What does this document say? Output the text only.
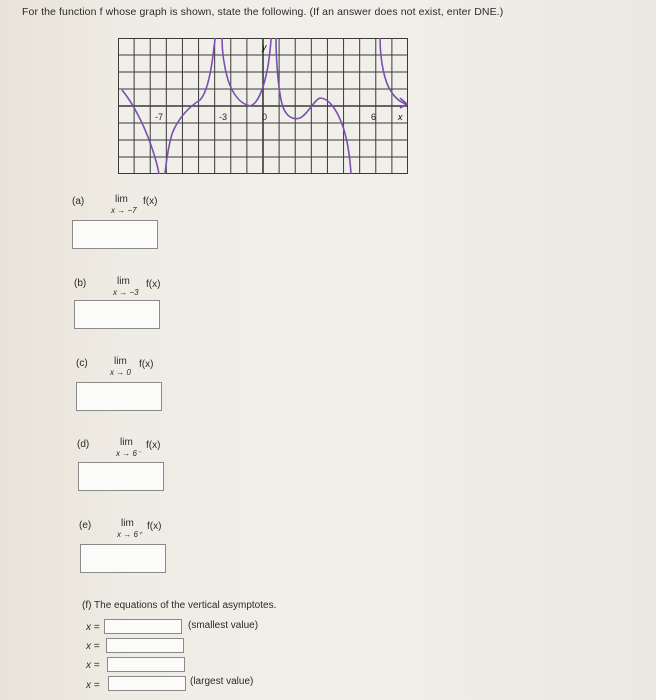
For the function f whose graph is shown, state the following. (If an answer does not exist, enter DNE.)
-7	-3	0	6 x
y
(a)	lim
x → −7
f(x)
(b)	lim
x → −3
f(x)
(c)	lim
x → 0
f(x)
(d)	lim
x → 6⁻
f(x)
(e)	lim
x → 6⁺
f(x)
(f) The equations of the vertical asymptotes.
x =	(smallest value)
x =
x =
x =	(largest value)
